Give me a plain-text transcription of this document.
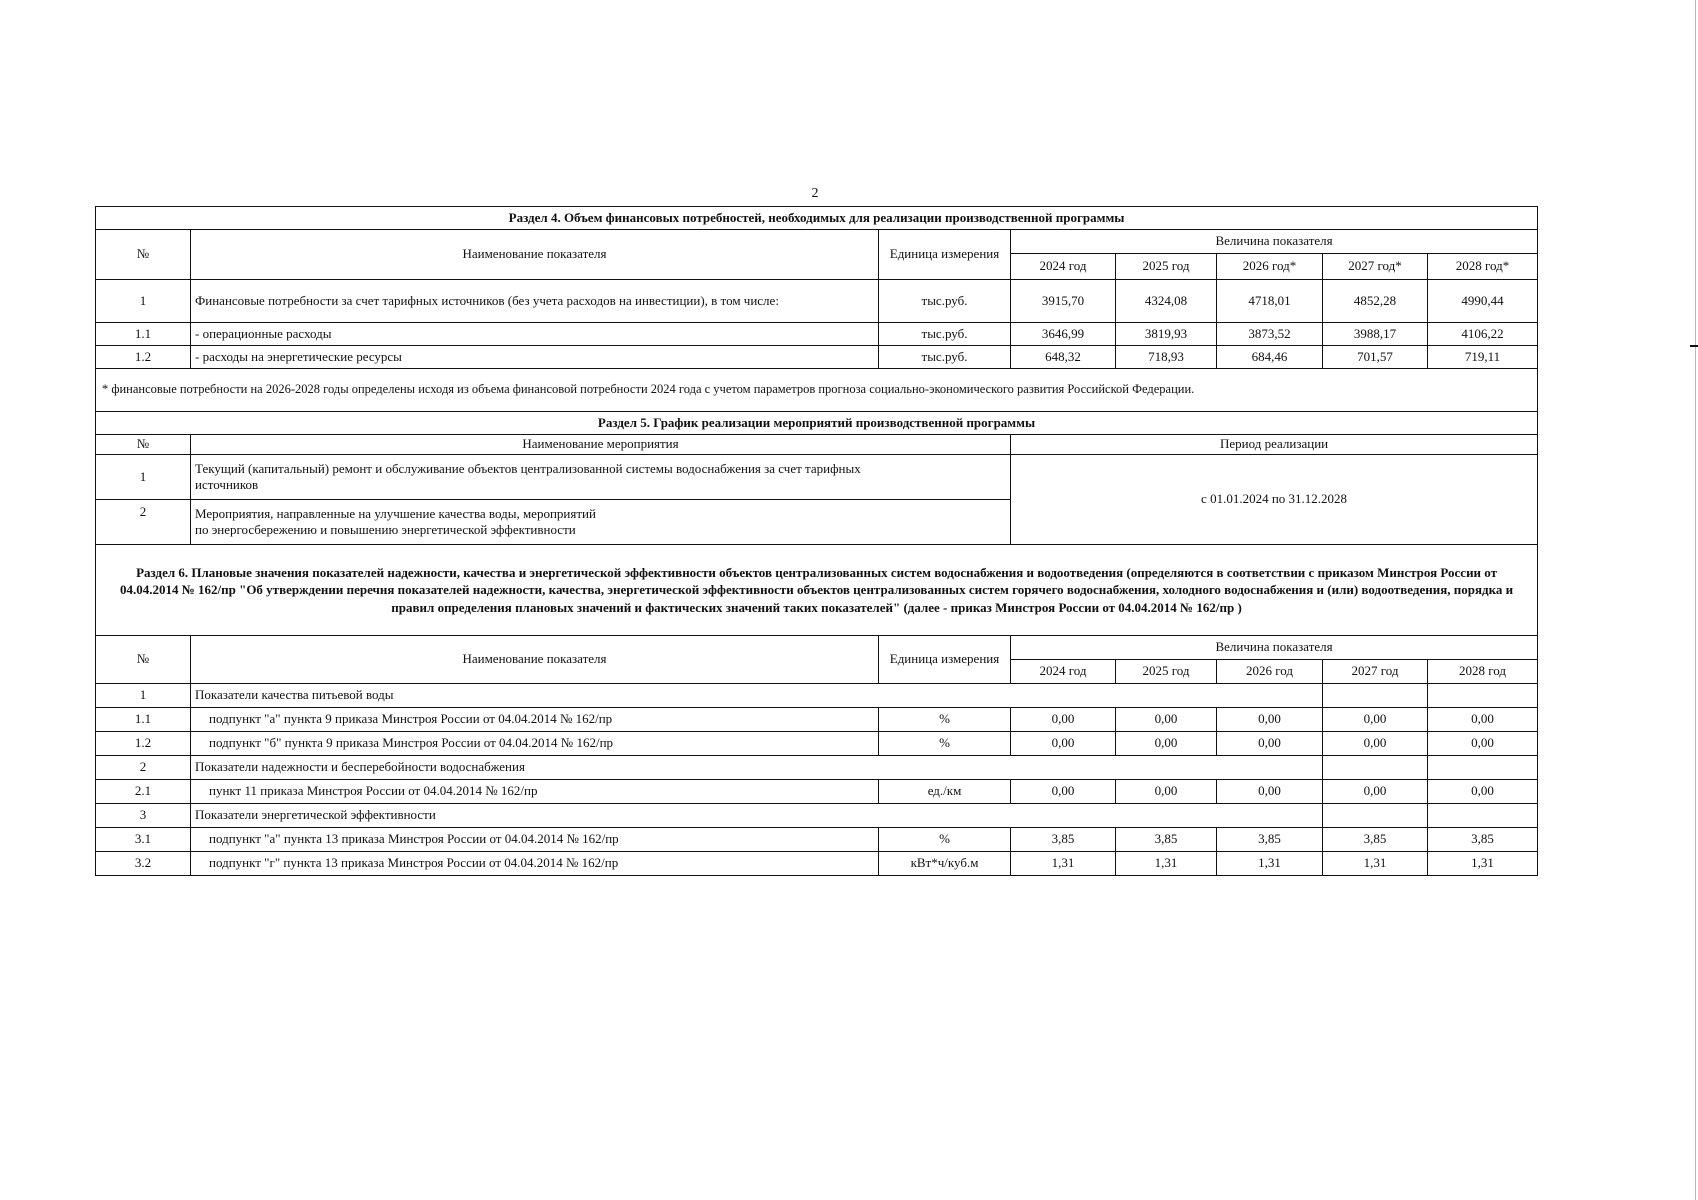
2
Раздел 4. Объем финансовых потребностей, необходимых для реализации производственной программы							
№	Наименование показателя	Единица измерения	Величина показателя				
			2024 год	2025 год	2026 год*	2027 год*	2028 год*
1	Финансовые потребности за счет тарифных источников (без учета расходов на инвестиции), в том числе:	тыс.руб.	3915,70	4324,08	4718,01	4852,28	4990,44
1.1	- операционные расходы	тыс.руб.	3646,99	3819,93	3873,52	3988,17	4106,22
1.2	- расходы на энергетические ресурсы	тыс.руб.	648,32	718,93	684,46	701,57	719,11
* финансовые потребности на 2026-2028 годы определены исходя из объема финансовой потребности 2024 года с учетом параметров прогноза социально-экономического развития Российской Федерации.							
Раздел 5. График реализации мероприятий производственной программы							
№	Наименование мероприятия		Период реализации				
1	Текущий (капитальный) ремонт и обслуживание объектов централизованной системы водоснабжения за счет тарифных
источников		с 01.01.2024 по 31.12.2028				
2	Мероприятия, направленные на улучшение качества воды, мероприятий
по энергосбережению и повышению энергетической эффективности						

Раздел 6. Плановые значения показателей надежности, качества и энергетической эффективности объектов централизованных систем водоснабжения и водоотведения (определяются в соответствии с приказом Минстроя России от 04.04.2014 № 162/пр "Об утверждении перечня показателей надежности, качества, энергетической эффективности объектов централизованных систем горячего водоснабжения, холодного водоснабжения и (или) водоотведения, порядка и правил определения плановых значений и фактических значений таких показателей" (далее - приказ Минстроя России от 04.04.2014 № 162/пр )							
№	Наименование показателя	Единица измерения	Величина показателя				
			2024 год	2025 год	2026 год	2027 год	2028 год
1	Показатели качества питьевой воды						
1.1	подпункт "а" пункта 9 приказа Минстроя России от 04.04.2014 № 162/пр	%	0,00	0,00	0,00	0,00	0,00
1.2	подпункт "б" пункта 9 приказа Минстроя России от 04.04.2014 № 162/пр	%	0,00	0,00	0,00	0,00	0,00
2	Показатели надежности и бесперебойности водоснабжения						
2.1	пункт 11 приказа Минстроя России от 04.04.2014 № 162/пр	ед./км	0,00	0,00	0,00	0,00	0,00
3	Показатели энергетической эффективности						
3.1	подпункт "а" пункта 13 приказа Минстроя России от 04.04.2014 № 162/пр	%	3,85	3,85	3,85	3,85	3,85
3.2	подпункт "г" пункта 13 приказа Минстроя России от 04.04.2014 № 162/пр	кВт*ч/куб.м	1,31	1,31	1,31	1,31	1,31
